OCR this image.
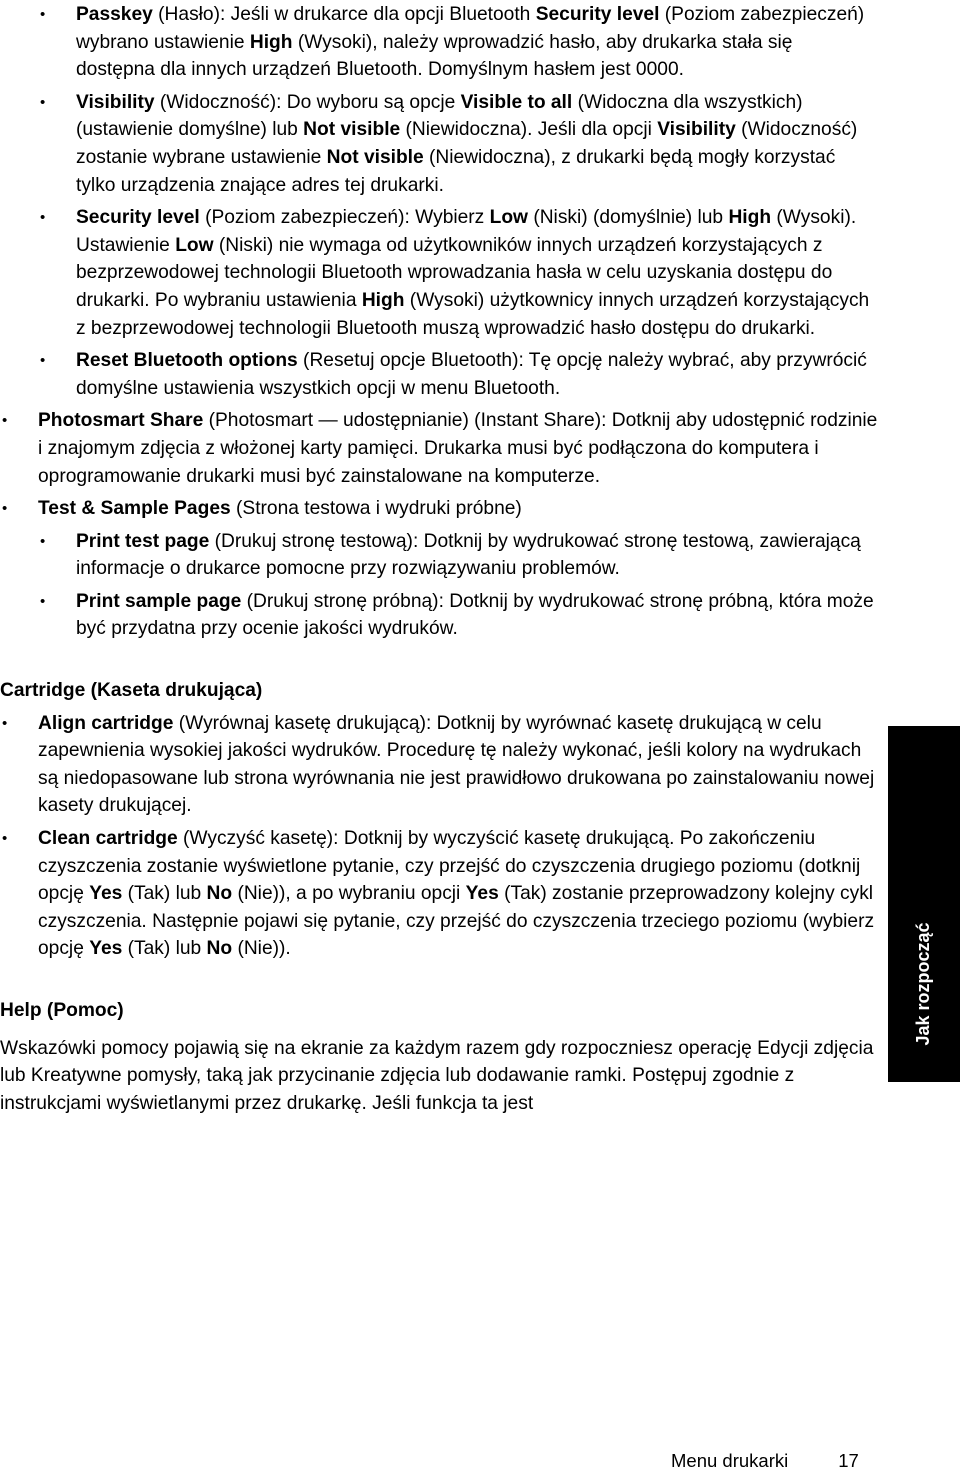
• Passkey (Hasło): Jeśli w drukarce dla opcji Bluetooth Security level (Poziom zabezpieczeń) wybrano ustawienie High (Wysoki), należy wprowadzić hasło, aby drukarka stała się dostępna dla innych urządzeń Bluetooth. Domyślnym hasłem jest 0000.
• Visibility (Widoczność): Do wyboru są opcje Visible to all (Widoczna dla wszystkich) (ustawienie domyślne) lub Not visible (Niewidoczna). Jeśli dla opcji Visibility (Widoczność) zostanie wybrane ustawienie Not visible (Niewidoczna), z drukarki będą mogły korzystać tylko urządzenia znające adres tej drukarki.
• Security level (Poziom zabezpieczeń): Wybierz Low (Niski) (domyślnie) lub High (Wysoki). Ustawienie Low (Niski) nie wymaga od użytkowników innych urządzeń korzystających z bezprzewodowej technologii Bluetooth wprowadzania hasła w celu uzyskania dostępu do drukarki. Po wybraniu ustawienia High (Wysoki) użytkownicy innych urządzeń korzystających z bezprzewodowej technologii Bluetooth muszą wprowadzić hasło dostępu do drukarki.
• Reset Bluetooth options (Resetuj opcje Bluetooth): Tę opcję należy wybrać, aby przywrócić domyślne ustawienia wszystkich opcji w menu Bluetooth.
• Photosmart Share (Photosmart — udostępnianie) (Instant Share): Dotknij aby udostępnić rodzinie i znajomym zdjęcia z włożonej karty pamięci. Drukarka musi być podłączona do komputera i oprogramowanie drukarki musi być zainstalowane na komputerze.
• Test & Sample Pages (Strona testowa i wydruki próbne)
• Print test page (Drukuj stronę testową): Dotknij by wydrukować stronę testową, zawierającą informacje o drukarce pomocne przy rozwiązywaniu problemów.
• Print sample page (Drukuj stronę próbną): Dotknij by wydrukować stronę próbną, która może być przydatna przy ocenie jakości wydruków.
Cartridge (Kaseta drukująca)
• Align cartridge (Wyrównaj kasetę drukującą): Dotknij by wyrównać kasetę drukującą w celu zapewnienia wysokiej jakości wydruków. Procedurę tę należy wykonać, jeśli kolory na wydrukach są niedopasowane lub strona wyrównania nie jest prawidłowo drukowana po zainstalowaniu nowej kasety drukującej.
• Clean cartridge (Wyczyść kasetę): Dotknij by wyczyścić kasetę drukującą. Po zakończeniu czyszczenia zostanie wyświetlone pytanie, czy przejść do czyszczenia drugiego poziomu (dotknij opcję Yes (Tak) lub No (Nie)), a po wybraniu opcji Yes (Tak) zostanie przeprowadzony kolejny cykl czyszczenia. Następnie pojawi się pytanie, czy przejść do czyszczenia trzeciego poziomu (wybierz opcję Yes (Tak) lub No (Nie)).
Help (Pomoc)
Wskazówki pomocy pojawią się na ekranie za każdym razem gdy rozpoczniesz operację Edycji zdjęcia lub Kreatywne pomysły, taką jak przycinanie zdjęcia lub dodawanie ramki. Postępuj zgodnie z instrukcjami wyświetlanymi przez drukarkę. Jeśli funkcja ta jest
Jak rozpocząć
Menu drukarki	17
